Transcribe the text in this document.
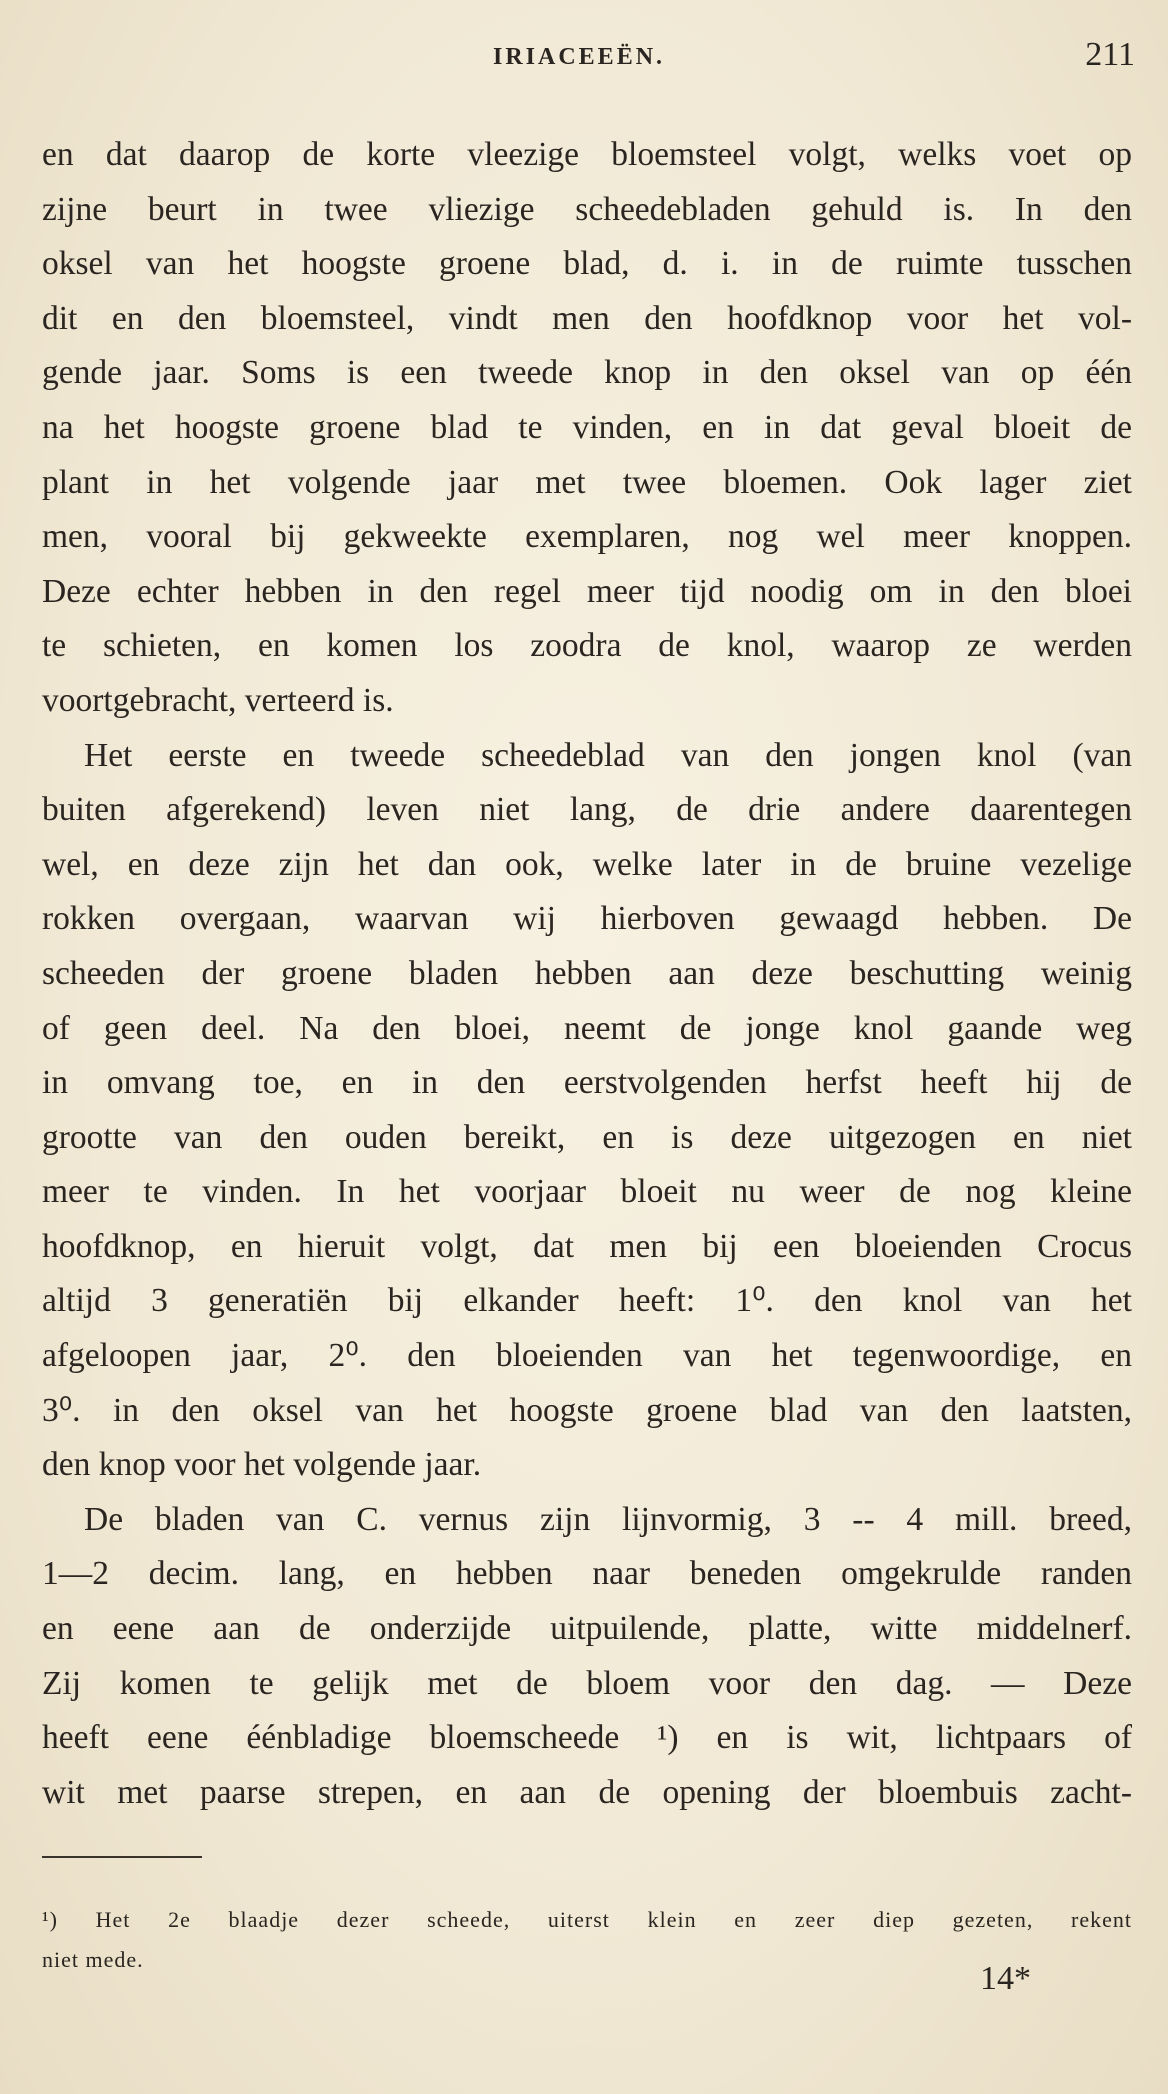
IRIACEEËN.	211
en dat daarop de korte vleezige bloemsteel volgt, welks voet op
zijne beurt in twee vliezige scheedebladen gehuld is. In den
oksel van het hoogste groene blad, d. i. in de ruimte tusschen
dit en den bloemsteel, vindt men den hoofdknop voor het vol-
gende jaar. Soms is een tweede knop in den oksel van op één
na het hoogste groene blad te vinden, en in dat geval bloeit de
plant in het volgende jaar met twee bloemen. Ook lager ziet
men, vooral bij gekweekte exemplaren, nog wel meer knoppen.
Deze echter hebben in den regel meer tijd noodig om in den bloei
te schieten, en komen los zoodra de knol, waarop ze werden
voortgebracht, verteerd is.
Het eerste en tweede scheedeblad van den jongen knol (van
buiten afgerekend) leven niet lang, de drie andere daarentegen
wel, en deze zijn het dan ook, welke later in de bruine vezelige
rokken overgaan, waarvan wij hierboven gewaagd hebben. De
scheeden der groene bladen hebben aan deze beschutting weinig
of geen deel. Na den bloei, neemt de jonge knol gaande weg
in omvang toe, en in den eerstvolgenden herfst heeft hij de
grootte van den ouden bereikt, en is deze uitgezogen en niet
meer te vinden. In het voorjaar bloeit nu weer de nog kleine
hoofdknop, en hieruit volgt, dat men bij een bloeienden Crocus
altijd 3 generatiën bij elkander heeft: 1⁰. den knol van het
afgeloopen jaar, 2⁰. den bloeienden van het tegenwoordige, en
3⁰. in den oksel van het hoogste groene blad van den laatsten,
den knop voor het volgende jaar.
De bladen van C. vernus zijn lijnvormig, 3 -- 4 mill. breed,
1—2 decim. lang, en hebben naar beneden omgekrulde randen
en eene aan de onderzijde uitpuilende, platte, witte middelnerf.
Zij komen te gelijk met de bloem voor den dag. — Deze
heeft eene éénbladige bloemscheede ¹) en is wit, lichtpaars of
wit met paarse strepen, en aan de opening der bloembuis zacht-
¹) Het 2e blaadje dezer scheede, uiterst klein en zeer diep gezeten, rekent
niet mede.
14*
